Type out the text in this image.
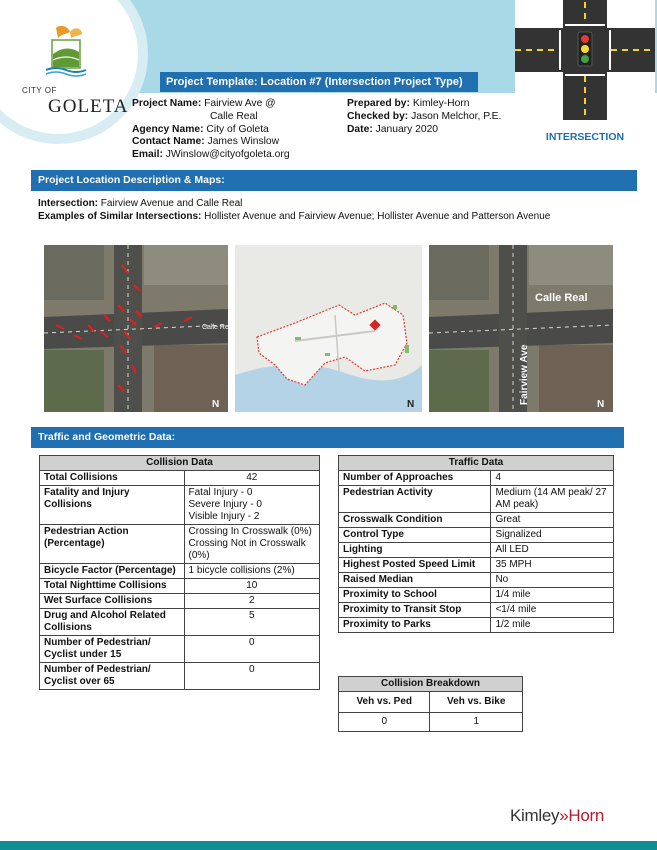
CITY OF
GOLETA
INTERSECTION
Project Template: Location #7 (Intersection Project Type)
Project Name: Fairview Ave @
Calle Real
Agency Name: City of Goleta
Contact Name: James Winslow
Email: JWinslow@cityofgoleta.org
Prepared by: Kimley-Horn
Checked by: Jason Melchor, P.E.
Date: January 2020
Project Location Description & Maps:
Intersection: Fairview Avenue and Calle Real
Examples of Similar Intersections: Hollister Avenue and Fairview Avenue; Hollister Avenue and Patterson Avenue
Calle Real
N	N
Calle Real
Fairview Ave	N
Traffic and Geometric Data:
Collision Data	
Total Collisions	42
Fatality and Injury Collisions	Fatal Injury - 0
Severe Injury - 0
Visible Injury - 2
Pedestrian Action (Percentage)	Crossing In Crosswalk (0%)
Crossing Not in Crosswalk (0%)
Bicycle Factor (Percentage)	1 bicycle collisions (2%)
Total Nighttime Collisions	10
Wet Surface Collisions	2
Drug and Alcohol Related Collisions	5
Number of Pedestrian/ Cyclist under 15	0
Number of Pedestrian/ Cyclist over 65	0
Traffic Data	
Number of Approaches	4
Pedestrian Activity	Medium (14 AM peak/ 27 AM peak)
Crosswalk Condition	Great
Control Type	Signalized
Lighting	All LED
Highest Posted Speed Limit	35 MPH
Raised Median	No
Proximity to School	1/4 mile
Proximity to Transit Stop	<1/4 mile
Proximity to Parks	1/2 mile
Collision Breakdown	
Veh vs. Ped	Veh vs. Bike
0	1
Kimley»Horn
